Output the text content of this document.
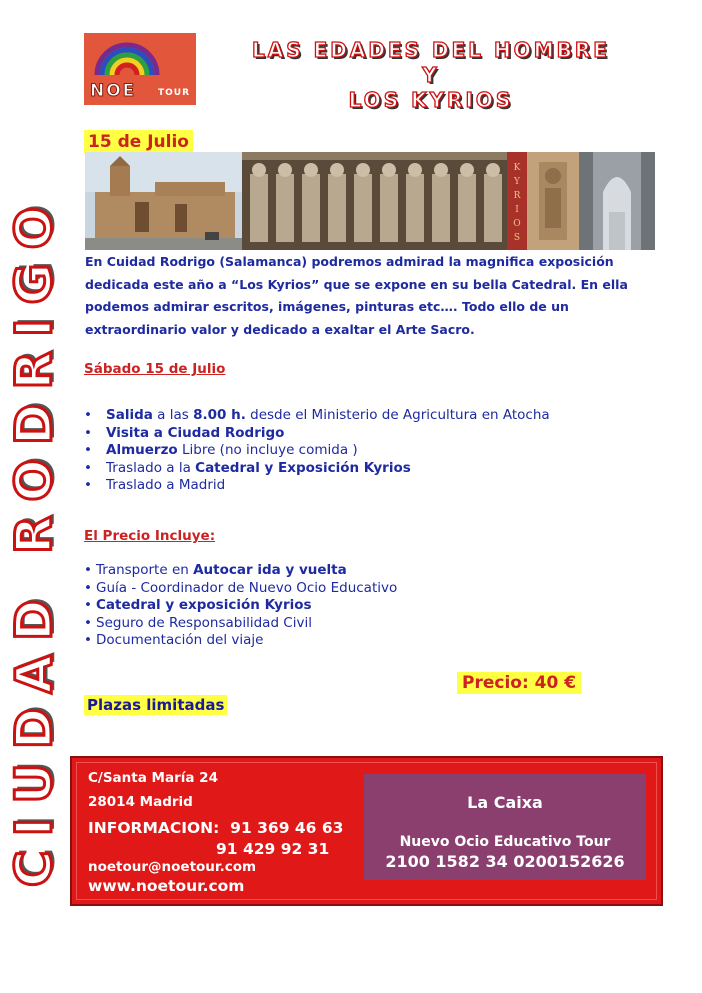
CIUDAD RODRIGO
NOE TOUR
LAS EDADES DEL HOMBRE
Y
LOS KYRIOS
15 de Julio
K
Y
R
I
O
S
En Cuidad Rodrigo (Salamanca) podremos admirad la magnifica exposición
dedicada este año a “Los Kyrios” que se expone en su bella Catedral. En ella
podemos admirar escritos, imágenes, pinturas etc…. Todo ello de un
extraordinario valor y dedicado a exaltar el Arte Sacro.
Sábado 15 de Julio
• Salida a las 8.00 h. desde el Ministerio de Agricultura en Atocha
• Visita a Ciudad Rodrigo
• Almuerzo Libre (no incluye comida )
• Traslado a la Catedral y Exposición Kyrios
• Traslado a Madrid
El Precio Incluye:
• Transporte en Autocar ida y vuelta
• Guía - Coordinador de Nuevo Ocio Educativo
• Catedral y exposición Kyrios
• Seguro de Responsabilidad Civil
• Documentación del viaje
Precio: 40 €
Plazas limitadas
C/Santa María 24
28014 Madrid
INFORMACION: 91 369 46 63
91 429 92 31
noetour@noetour.com
www.noetour.com
La Caixa
Nuevo Ocio Educativo Tour
2100 1582 34 0200152626
